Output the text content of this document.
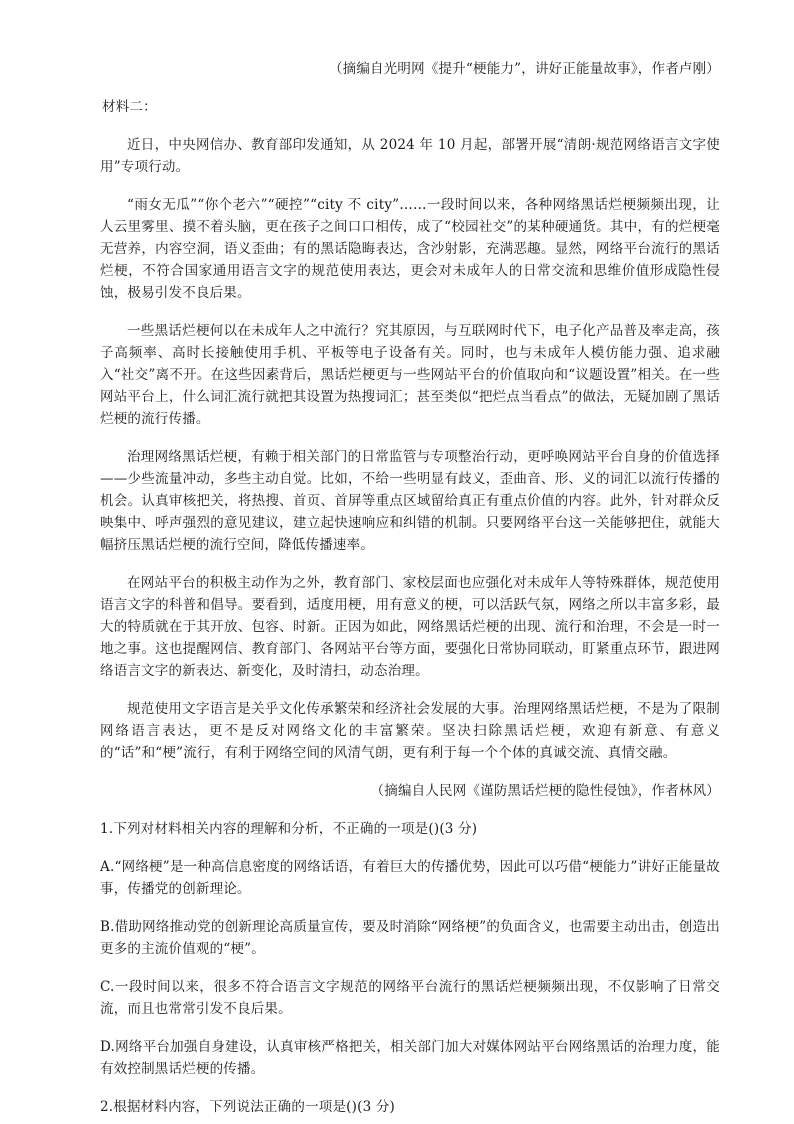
（摘编自光明网《提升“梗能力”，讲好正能量故事》，作者卢刚）

材料二：

近日，中央网信办、教育部印发通知，从 2024 年 10 月起，部署开展“清朗·规范网络语言文字使用”专项行动。

“雨女无瓜”“你个老六”“硬控”“city 不 city”……一段时间以来，各种网络黑话烂梗频频出现，让人云里雾里、摸不着头脑，更在孩子之间口口相传，成了“校园社交”的某种硬通货。其中，有的烂梗毫无营养，内容空洞，语义歪曲；有的黑话隐晦表达，含沙射影，充满恶趣。显然，网络平台流行的黑话烂梗，不符合国家通用语言文字的规范使用表达，更会对未成年人的日常交流和思维价值形成隐性侵蚀，极易引发不良后果。

一些黑话烂梗何以在未成年人之中流行？究其原因，与互联网时代下，电子化产品普及率走高，孩子高频率、高时长接触使用手机、平板等电子设备有关。同时，也与未成年人模仿能力强、追求融入“社交”离不开。在这些因素背后，黑话烂梗更与一些网站平台的价值取向和“议题设置”相关。在一些网站平台上，什么词汇流行就把其设置为热搜词汇；甚至类似“把烂点当看点”的做法，无疑加剧了黑话烂梗的流行传播。

治理网络黑话烂梗，有赖于相关部门的日常监管与专项整治行动，更呼唤网站平台自身的价值选择——少些流量冲动，多些主动自觉。比如，不给一些明显有歧义，歪曲音、形、义的词汇以流行传播的机会。认真审核把关，将热搜、首页、首屏等重点区域留给真正有重点价值的内容。此外，针对群众反映集中、呼声强烈的意见建议，建立起快速响应和纠错的机制。只要网络平台这一关能够把住，就能大幅挤压黑话烂梗的流行空间，降低传播速率。

在网站平台的积极主动作为之外，教育部门、家校层面也应强化对未成年人等特殊群体，规范使用语言文字的科普和倡导。要看到，适度用梗，用有意义的梗，可以活跃气氛，网络之所以丰富多彩，最大的特质就在于其开放、包容、时新。正因为如此，网络黑话烂梗的出现、流行和治理，不会是一时一地之事。这也提醒网信、教育部门、各网站平台等方面，要强化日常协同联动，盯紧重点环节，跟进网络语言文字的新表达、新变化，及时清扫，动态治理。

规范使用文字语言是关乎文化传承繁荣和经济社会发展的大事。治理网络黑话烂梗，不是为了限制网络语言表达，更不是反对网络文化的丰富繁荣。坚决扫除黑话烂梗，欢迎有新意、有意义的“话”和“梗”流行，有利于网络空间的风清气朗，更有利于每一个个体的真诚交流、真情交融。

（摘编自人民网《谨防黑话烂梗的隐性侵蚀》，作者林风）

1.下列对材料相关内容的理解和分析，不正确的一项是()(3 分)

A.“网络梗”是一种高信息密度的网络话语，有着巨大的传播优势，因此可以巧借“梗能力”讲好正能量故事，传播党的创新理论。

B.借助网络推动党的创新理论高质量宣传，要及时消除“网络梗”的负面含义，也需要主动出击，创造出更多的主流价值观的“梗”。

C.一段时间以来，很多不符合语言文字规范的网络平台流行的黑话烂梗频频出现，不仅影响了日常交流，而且也常常引发不良后果。

D.网络平台加强自身建设，认真审核严格把关，相关部门加大对媒体网站平台网络黑话的治理力度，能有效控制黑话烂梗的传播。

2.根据材料内容，下列说法正确的一项是()(3 分)
